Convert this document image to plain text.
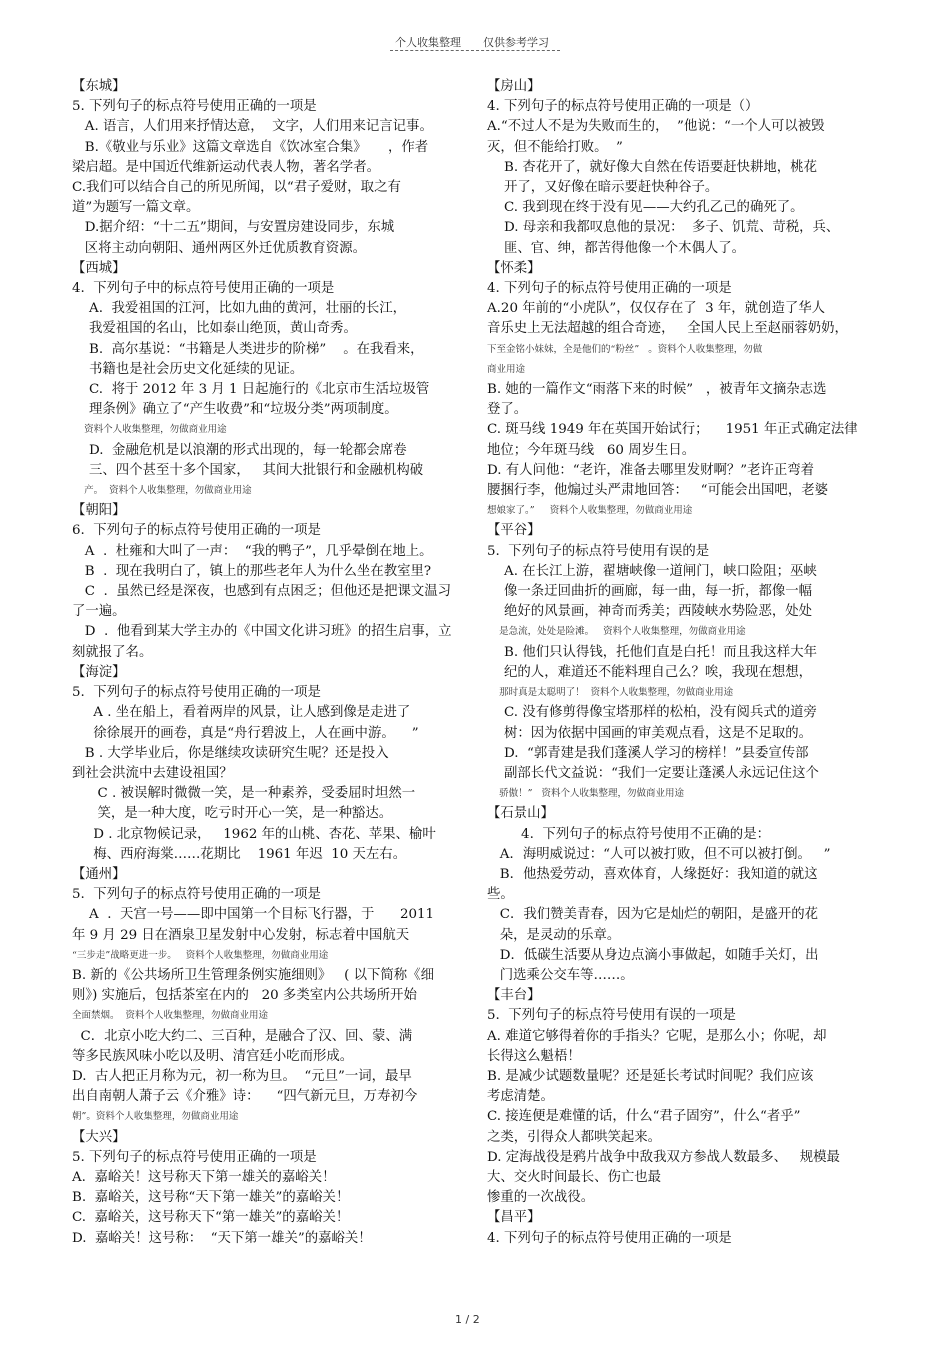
个人收集整理 仅供参考学习

【东城】

5. 下列句子的标点符号使用正确的一项是

A. 语言，人们用来抒情达意，  文字，人们用来记言记事。

B.《敬业与乐业》这篇文章选自《饮冰室合集》     ，作者

梁启超。是中国近代维新运动代表人物，著名学者。

C.我们可以结合自己的所见所闻，以“君子爱财，取之有

道”为题写一篇文章。

D.据介绍：“十二五”期间，与安置房建设同步，东城

区将主动向朝阳、通州两区外迁优质教育资源。

【西城】

4.  下列句子中的标点符号使用正确的一项是

A.  我爱祖国的江河，比如九曲的黄河，壮丽的长江，

我爱祖国的名山，比如泰山绝顶，黄山奇秀。

B.  高尔基说：“书籍是人类进步的阶梯”    。在我看来，

书籍也是社会历史文化延续的见证。

C.  将于 2012 年 3 月 1 日起施行的《北京市生活垃圾管

理条例》确立了“产生收费”和“垃圾分类”两项制度。

资料个人收集整理，勿做商业用途

D.  金融危机是以浪潮的形式出现的，每一轮都会席卷

三、四个甚至十多个国家，   其间大批银行和金融机构破

产。  资料个人收集整理，勿做商业用途

【朝阳】

6.  下列句子的标点符号使用正确的一项是

A  .  杜雍和大叫了一声：  “我的鸭子”，几乎晕倒在地上。

B  .  现在我明白了，镇上的那些老年人为什么坐在教室里?

C  .  虽然已经是深夜，也感到有点困乏；但他还是把课文温习

了一遍。

D  .  他看到某大学主办的《中国文化讲习班》的招生启事，立

刻就报了名。

【海淀】

5.  下列句子的标点符号使用正确的一项是

A . 坐在船上，看着两岸的风景，让人感到像是走进了

徐徐展开的画卷，真是“舟行碧波上，人在画中游。    ”

B . 大学毕业后，你是继续攻读研究生呢？还是投入

到社会洪流中去建设祖国？

C . 被误解时微微一笑，是一种素养，受委屈时坦然一

笑，是一种大度，吃亏时开心一笑，是一种豁达。

D . 北京物候记录，   1962 年的山桃、杏花、苹果、榆叶

梅、西府海棠……花期比    1961 年迟  10 天左右。

【通州】

5.  下列句子的标点符号使用正确的一项是

A  .  天宫一号——即中国第一个目标飞行器，于      2011

年 9 月 29 日在酒泉卫星发射中心发射，标志着中国航天

“三步走”战略更进一步。   资料个人收集整理，勿做商业用途

B. 新的《公共场所卫生管理条例实施细则》   ( 以下简称《细

则》) 实施后，包括茶室在内的   20 多类室内公共场所开始

全面禁烟。  资料个人收集整理，勿做商业用途

C．北京小吃大约二、三百种，是融合了汉、回、蒙、满

等多民族风味小吃以及明、清宫廷小吃而形成。

D.  古人把正月称为元，初一称为旦。  “元旦”一词，最早

出自南朝人萧子云《介雅》诗：    “四气新元旦，万寿初今

朝”。资料个人收集整理，勿做商业用途

【大兴】

5. 下列句子的标点符号使用正确的一项是

A.  嘉峪关！这号称天下第一雄关的嘉峪关！

B.  嘉峪关，这号称“天下第一雄关”的嘉峪关！

C.  嘉峪关，这号称天下“第一雄关”的嘉峪关！

D.  嘉峪关！这号称：  “天下第一雄关”的嘉峪关！

【房山】

4. 下列句子的标点符号使用正确的一项是（）

A.“不过人不是为失败而生的，  ”他说：“一个人可以被毁

灭，但不能给打败。  ”

B. 杏花开了，就好像大自然在传语要赶快耕地，桃花

开了，又好像在暗示要赶快种谷子。

C. 我到现在终于没有见——大约孔乙己的确死了。

D. 母亲和我都叹息他的景况：  多子、饥荒、苛税，兵、

匪、官、绅，都苦得他像一个木偶人了。

【怀柔】

4. 下列句子的标点符号使用正确的一项是

A.20 年前的“小虎队”，仅仅存在了  3 年，就创造了华人

音乐史上无法超越的组合奇迹，   全国人民上至赵丽蓉奶奶，

下至金铭小妹妹，全是他们的“粉丝”   。资料个人收集整理，勿做

商业用途

B. 她的一篇作文“雨落下来的时候”   ，被青年文摘杂志选

登了。

C. 斑马线 1949 年在英国开始试行；    1951 年正式确定法律

地位；今年斑马线   60 周岁生日。

D. 有人问他：“老许，准备去哪里发财啊？”老许正弯着

腰捆行李，他煽过头严肃地回答：   “可能会出国吧，老婆

想娘家了。”     资料个人收集整理，勿做商业用途

【平谷】

5.  下列句子的标点符号使用有误的是

A. 在长江上游，翟塘峡像一道闸门，峡口险阻；巫峡

像一条迂回曲折的画廊，每一曲，每一折，都像一幅

绝好的风景画，神奇而秀美；西陵峡水势险恶，处处

是急流，处处是险滩。   资料个人收集整理，勿做商业用途

B. 他们只认得钱，托他们直是白托！而且我这样大年

纪的人，难道还不能料理自己么？唉，我现在想想，

那时真是太聪明了！  资料个人收集整理，勿做商业用途

C. 没有修剪得像宝塔那样的松柏，没有阅兵式的道旁

树：因为依据中国画的审美观点看，这是不足取的。

D.  “郭青建是我们蓬溪人学习的榜样！”县委宣传部

副部长代文益说：“我们一定要让蓬溪人永远记住这个

骄傲！”   资料个人收集整理，勿做商业用途

【石景山】

4.  下列句子的标点符号使用不正确的是：

A．海明威说过：“人可以被打败，但不可以被打倒。   ”

B．他热爱劳动，喜欢体育，人缘挺好：我知道的就这

些。

C．我们赞美青春，因为它是灿烂的朝阳，是盛开的花

朵，是灵动的乐章。

D．低碳生活要从身边点滴小事做起，如随手关灯，出

门选乘公交车等……。

【丰台】

5.  下列句子的标点符号使用有误的一项是

A. 难道它够得着你的手指头？它呢，是那么小；你呢，却

长得这么魁梧！

B. 是减少试题数量呢？还是延长考试时间呢？我们应该

考虑清楚。

C. 接连便是难懂的话，什么“君子固穷”，什么“者乎”

之类，引得众人都哄笑起来。

D. 定海战役是鸦片战争中敌我双方参战人数最多、   规模最

大、交火时间最长、伤亡也最

惨重的一次战役。

【昌平】

4. 下列句子的标点符号使用正确的一项是

1 / 2
